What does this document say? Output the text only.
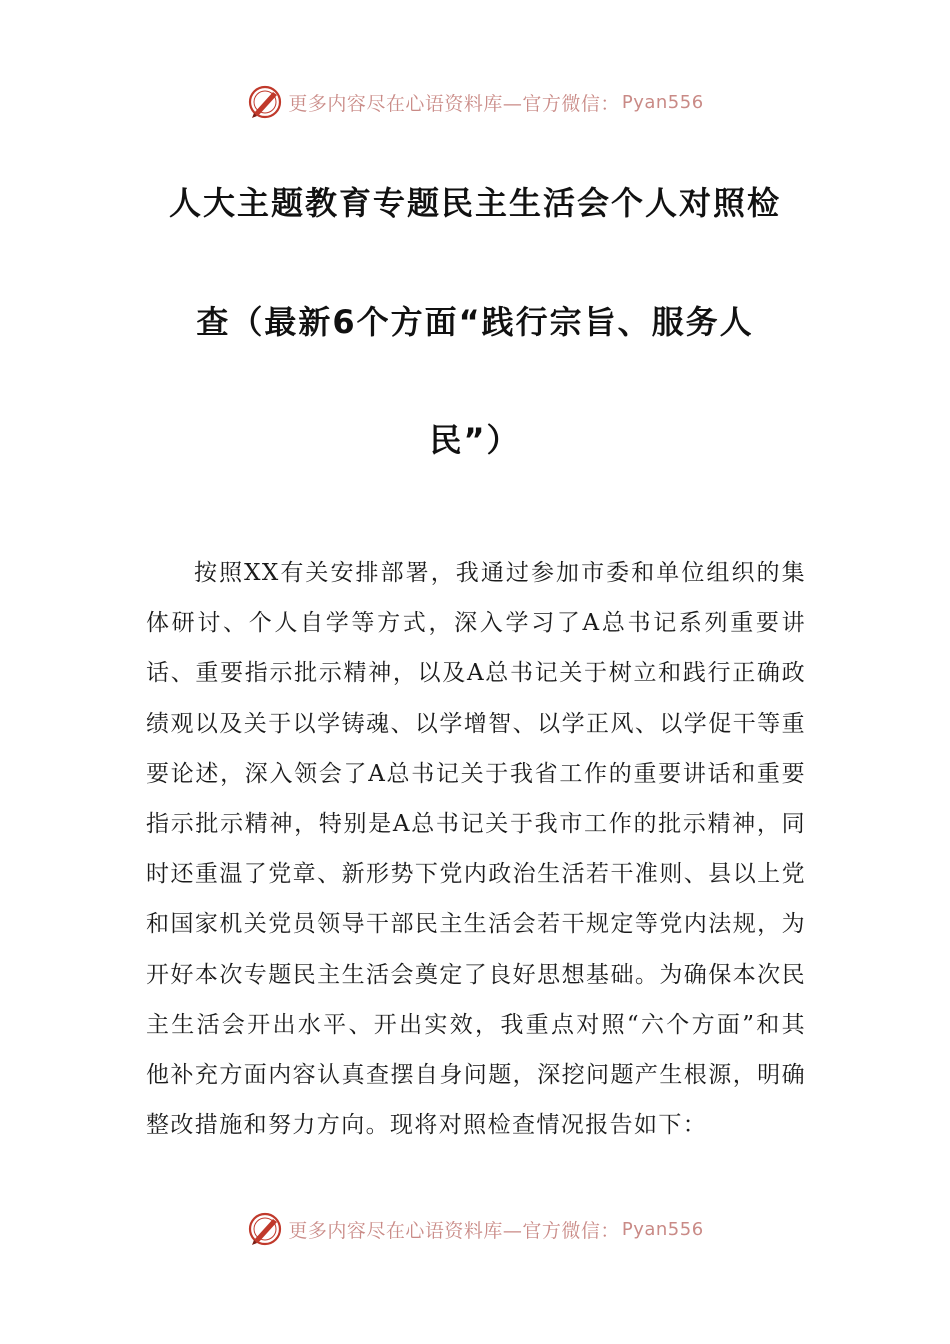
更多内容尽在心语资料库—官方微信： Pyan556
人大主题教育专题民主生活会个人对照检
查（最新6个方面“践行宗旨、服务人
民”）

按照XX有关安排部署，我通过参加市委和单位组织的集体研讨、个人自学等方式，深入学习了A总书记系列重要讲话、重要指示批示精神，以及A总书记关于树立和践行正确政绩观以及关于以学铸魂、以学增智、以学正风、以学促干等重要论述，深入领会了A总书记关于我省工作的重要讲话和重要指示批示精神，特别是A总书记关于我市工作的批示精神，同时还重温了党章、新形势下党内政治生活若干准则、县以上党和国家机关党员领导干部民主生活会若干规定等党内法规，为开好本次专题民主生活会奠定了良好思想基础。为确保本次民主生活会开出水平、开出实效，我重点对照“六个方面”和其他补充方面内容认真查摆自身问题，深挖问题产生根源，明确整改措施和努力方向。现将对照检查情况报告如下：

更多内容尽在心语资料库—官方微信： Pyan556
